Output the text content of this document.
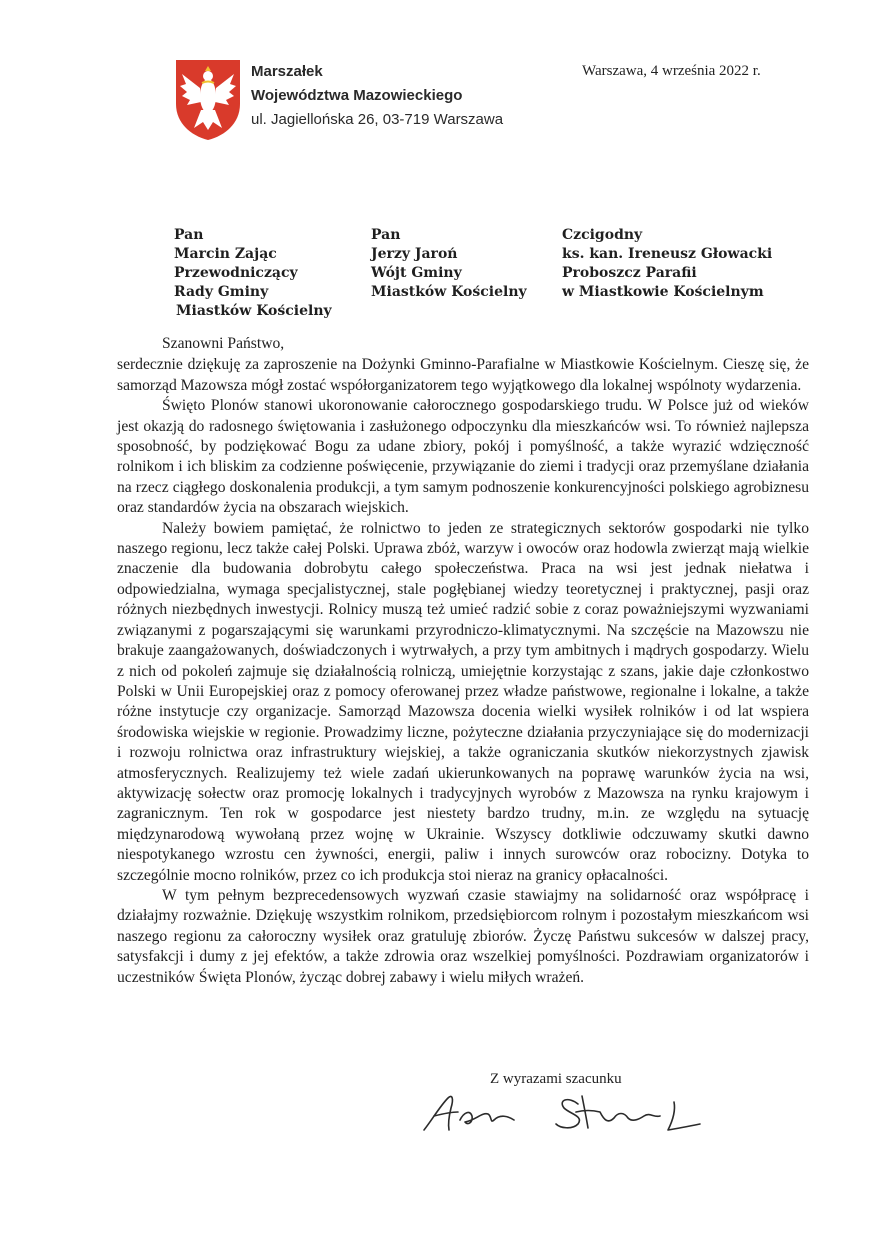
Marszałek
Województwa Mazowieckiego
ul. Jagiellońska 26, 03-719 Warszawa
Warszawa, 4 września 2022 r.
Pan
Marcin Zając
Przewodniczący
Rady Gminy
Miastków Kościelny
Pan
Jerzy Jaroń
Wójt Gminy
Miastków Kościelny
Czcigodny
ks. kan. Ireneusz Głowacki
Proboszcz Parafii
w Miastkowie Kościelnym
Szanowni Państwo,

serdecznie dziękuję za zaproszenie na Dożynki Gminno-Parafialne w Miastkowie Kościelnym. Cieszę się, że samorząd Mazowsza mógł zostać współorganizatorem tego wyjątkowego dla lokalnej wspólnoty wydarzenia.

Święto Plonów stanowi ukoronowanie całorocznego gospodarskiego trudu. W Polsce już od wieków jest okazją do radosnego świętowania i zasłużonego odpoczynku dla mieszkańców wsi. To również najlepsza sposobność, by podziękować Bogu za udane zbiory, pokój i pomyślność, a także wyrazić wdzięczność rolnikom i ich bliskim za codzienne poświęcenie, przywiązanie do ziemi i tradycji oraz przemyślane działania na rzecz ciągłego doskonalenia produkcji, a tym samym podnoszenie konkurencyjności polskiego agrobiznesu oraz standardów życia na obszarach wiejskich.

Należy bowiem pamiętać, że rolnictwo to jeden ze strategicznych sektorów gospodarki nie tylko naszego regionu, lecz także całej Polski. Uprawa zbóż, warzyw i owoców oraz hodowla zwierząt mają wielkie znaczenie dla budowania dobrobytu całego społeczeństwa. Praca na wsi jest jednak niełatwa i odpowiedzialna, wymaga specjalistycznej, stale pogłębianej wiedzy teoretycznej i praktycznej, pasji oraz różnych niezbędnych inwestycji. Rolnicy muszą też umieć radzić sobie z coraz poważniejszymi wyzwaniami związanymi z pogarszającymi się warunkami przyrodniczo-klimatycznymi. Na szczęście na Mazowszu nie brakuje zaangażowanych, doświadczonych i wytrwałych, a przy tym ambitnych i mądrych gospodarzy. Wielu z nich od pokoleń zajmuje się działalnością rolniczą, umiejętnie korzystając z szans, jakie daje członkostwo Polski w Unii Europejskiej oraz z pomocy oferowanej przez władze państwowe, regionalne i lokalne, a także różne instytucje czy organizacje. Samorząd Mazowsza docenia wielki wysiłek rolników i od lat wspiera środowiska wiejskie w regionie. Prowadzimy liczne, pożyteczne działania przyczyniające się do modernizacji i rozwoju rolnictwa oraz infrastruktury wiejskiej, a także ograniczania skutków niekorzystnych zjawisk atmosferycznych. Realizujemy też wiele zadań ukierunkowanych na poprawę warunków życia na wsi, aktywizację sołectw oraz promocję lokalnych i tradycyjnych wyrobów z Mazowsza na rynku krajowym i zagranicznym. Ten rok w gospodarce jest niestety bardzo trudny, m.in. ze względu na sytuację międzynarodową wywołaną przez wojnę w Ukrainie. Wszyscy dotkliwie odczuwamy skutki dawno niespotykanego wzrostu cen żywności, energii, paliw i innych surowców oraz robocizny. Dotyka to szczególnie mocno rolników, przez co ich produkcja stoi nieraz na granicy opłacalności.

W tym pełnym bezprecedensowych wyzwań czasie stawiajmy na solidarność oraz współpracę i działajmy rozważnie. Dziękuję wszystkim rolnikom, przedsiębiorcom rolnym i pozostałym mieszkańcom wsi naszego regionu za całoroczny wysiłek oraz gratuluję zbiorów. Życzę Państwu sukcesów w dalszej pracy, satysfakcji i dumy z jej efektów, a także zdrowia oraz wszelkiej pomyślności. Pozdrawiam organizatorów i uczestników Święta Plonów, życząc dobrej zabawy i wielu miłych wrażeń.

Z wyrazami szacunku
